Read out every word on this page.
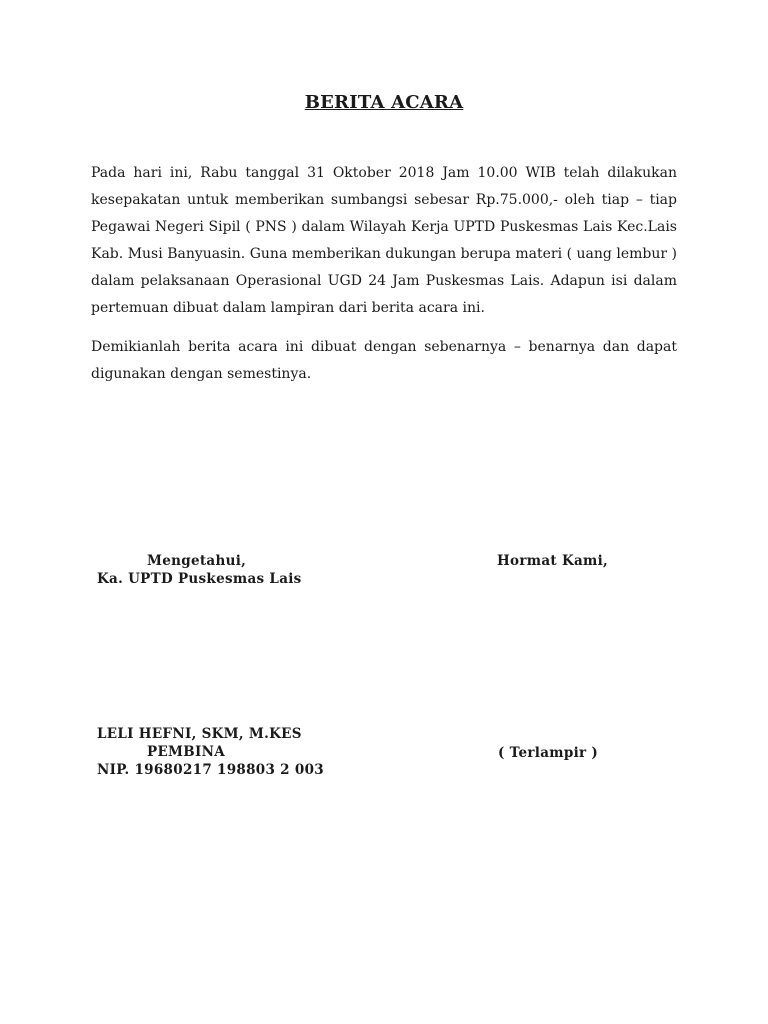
BERITA ACARA

Pada hari ini, Rabu tanggal 31 Oktober 2018 Jam 10.00 WIB telah dilakukan kesepakatan untuk memberikan sumbangsi sebesar Rp.75.000,- oleh tiap – tiap Pegawai Negeri Sipil ( PNS ) dalam Wilayah Kerja UPTD Puskesmas Lais Kec.Lais Kab. Musi Banyuasin. Guna memberikan dukungan berupa materi ( uang lembur ) dalam pelaksanaan Operasional UGD 24 Jam Puskesmas Lais. Adapun isi dalam pertemuan dibuat dalam lampiran dari berita acara ini.

Demikianlah berita acara ini dibuat dengan sebenarnya – benarnya dan dapat digunakan dengan semestinya.

Mengetahui,
Ka. UPTD Puskesmas Lais
Hormat Kami,
LELI HEFNI, SKM, M.KES
PEMBINA
NIP. 19680217 198803 2 003
( Terlampir )
